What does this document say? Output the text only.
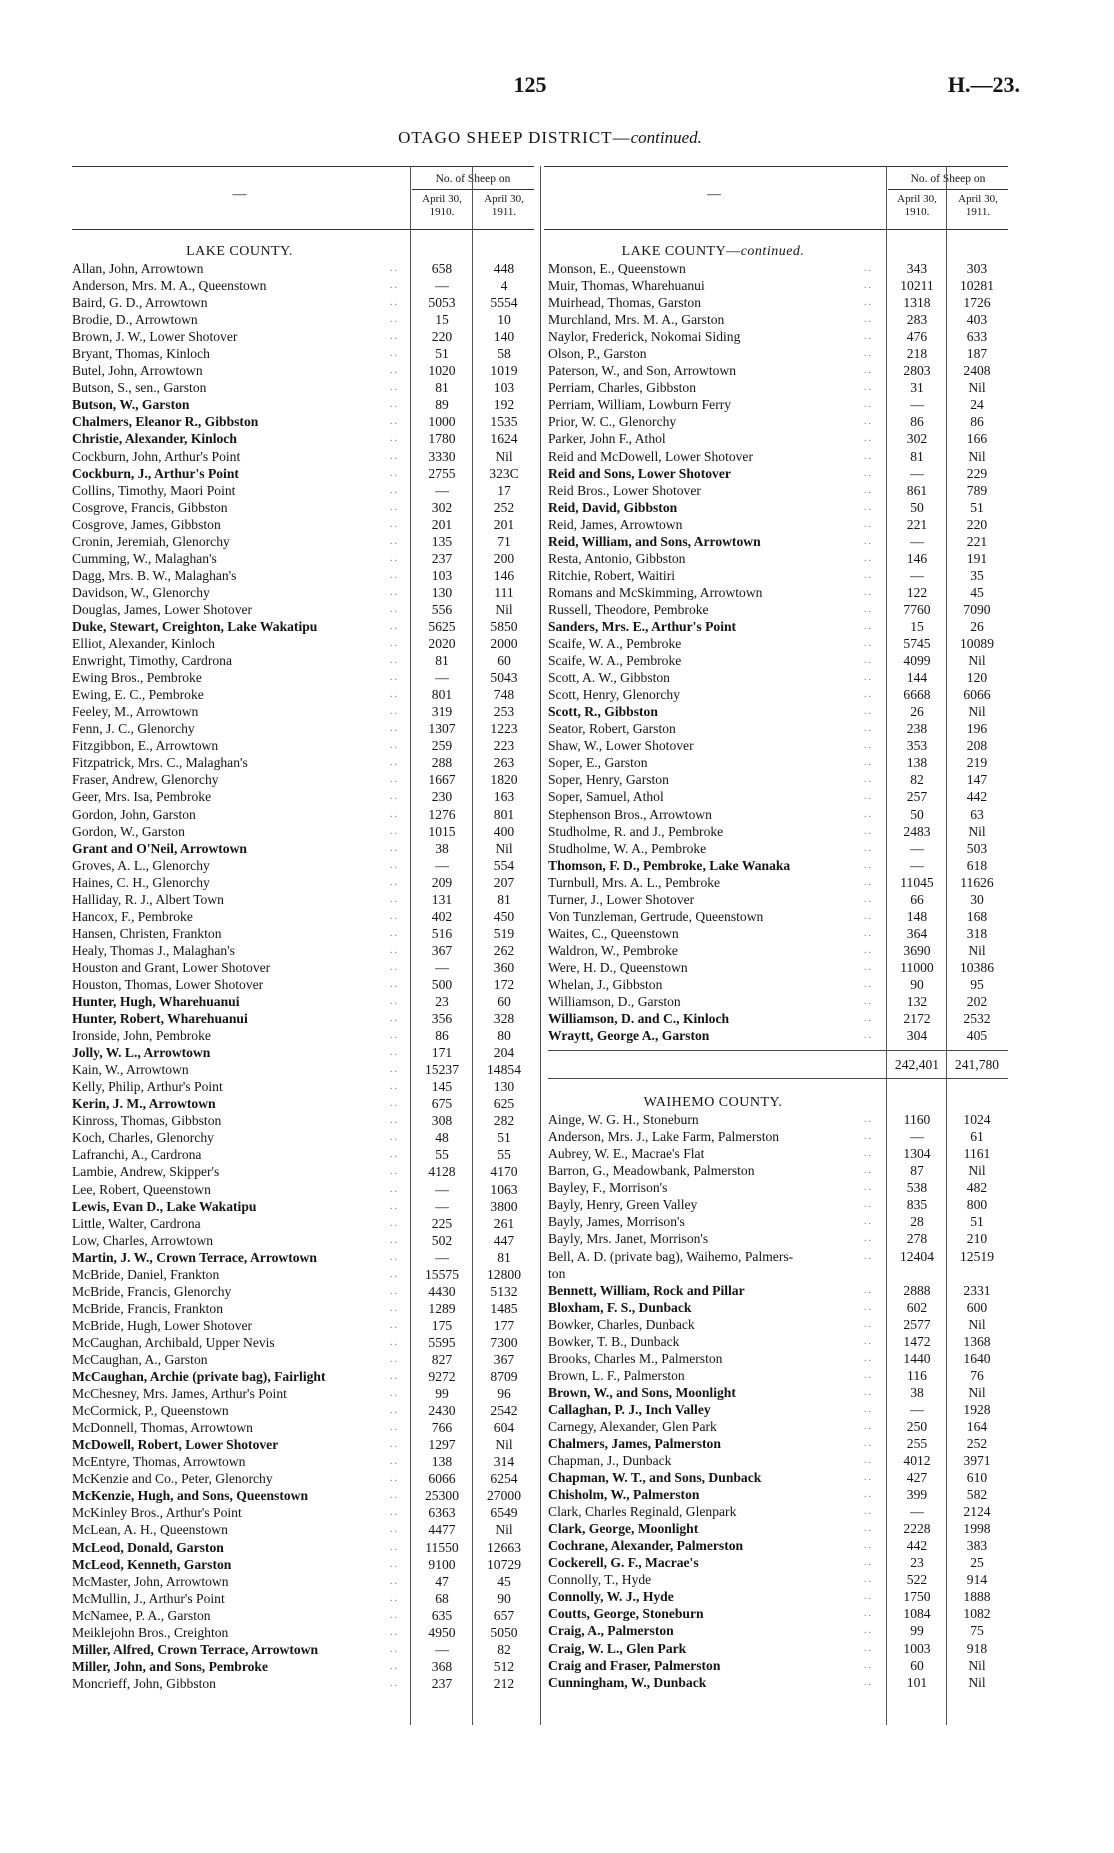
125	H.—23.
OTAGO SHEEP DISTRICT—continued.
—
No. of Sheep on
April 30, 1910.
April 30, 1911.
—
No. of Sheep on
April 30, 1910.
April 30, 1911.
LAKE COUNTY.
Allan, John, Arrowtown	..	658	448
Anderson, Mrs. M. A., Queenstown	..	—	4
Baird, G. D., Arrowtown	..	5053	5554
Brodie, D., Arrowtown	..	15	10
Brown, J. W., Lower Shotover	..	220	140
Bryant, Thomas, Kinloch	..	51	58
Butel, John, Arrowtown	..	1020	1019
Butson, S., sen., Garston	..	81	103
Butson, W., Garston	..	89	192
Chalmers, Eleanor R., Gibbston	..	1000	1535
Christie, Alexander, Kinloch	..	1780	1624
Cockburn, John, Arthur's Point	..	3330	Nil
Cockburn, J., Arthur's Point	..	2755	323C
Collins, Timothy, Maori Point	..	—	17
Cosgrove, Francis, Gibbston	..	302	252
Cosgrove, James, Gibbston	..	201	201
Cronin, Jeremiah, Glenorchy	..	135	71
Cumming, W., Malaghan's	..	237	200
Dagg, Mrs. B. W., Malaghan's	..	103	146
Davidson, W., Glenorchy	..	130	111
Douglas, James, Lower Shotover	..	556	Nil
Duke, Stewart, Creighton, Lake Wakatipu	..	5625	5850
Elliot, Alexander, Kinloch	..	2020	2000
Enwright, Timothy, Cardrona	..	81	60
Ewing Bros., Pembroke	..	—	5043
Ewing, E. C., Pembroke	..	801	748
Feeley, M., Arrowtown	..	319	253
Fenn, J. C., Glenorchy	..	1307	1223
Fitzgibbon, E., Arrowtown	..	259	223
Fitzpatrick, Mrs. C., Malaghan's	..	288	263
Fraser, Andrew, Glenorchy	..	1667	1820
Geer, Mrs. Isa, Pembroke	..	230	163
Gordon, John, Garston	..	1276	801
Gordon, W., Garston	..	1015	400
Grant and O'Neil, Arrowtown	..	38	Nil
Groves, A. L., Glenorchy	..	—	554
Haines, C. H., Glenorchy	..	209	207
Halliday, R. J., Albert Town	..	131	81
Hancox, F., Pembroke	..	402	450
Hansen, Christen, Frankton	..	516	519
Healy, Thomas J., Malaghan's	..	367	262
Houston and Grant, Lower Shotover	..	—	360
Houston, Thomas, Lower Shotover	..	500	172
Hunter, Hugh, Wharehuanui	..	23	60
Hunter, Robert, Wharehuanui	..	356	328
Ironside, John, Pembroke	..	86	80
Jolly, W. L., Arrowtown	..	171	204
Kain, W., Arrowtown	..	15237	14854
Kelly, Philip, Arthur's Point	..	145	130
Kerin, J. M., Arrowtown	..	675	625
Kinross, Thomas, Gibbston	..	308	282
Koch, Charles, Glenorchy	..	48	51
Lafranchi, A., Cardrona	..	55	55
Lambie, Andrew, Skipper's	..	4128	4170
Lee, Robert, Queenstown	..	—	1063
Lewis, Evan D., Lake Wakatipu	..	—	3800
Little, Walter, Cardrona	..	225	261
Low, Charles, Arrowtown	..	502	447
Martin, J. W., Crown Terrace, Arrowtown	..	—	81
McBride, Daniel, Frankton	..	15575	12800
McBride, Francis, Glenorchy	..	4430	5132
McBride, Francis, Frankton	..	1289	1485
McBride, Hugh, Lower Shotover	..	175	177
McCaughan, Archibald, Upper Nevis	..	5595	7300
McCaughan, A., Garston	..	827	367
McCaughan, Archie (private bag), Fairlight	..	9272	8709
McChesney, Mrs. James, Arthur's Point	..	99	96
McCormick, P., Queenstown	..	2430	2542
McDonnell, Thomas, Arrowtown	..	766	604
McDowell, Robert, Lower Shotover	..	1297	Nil
McEntyre, Thomas, Arrowtown	..	138	314
McKenzie and Co., Peter, Glenorchy	..	6066	6254
McKenzie, Hugh, and Sons, Queenstown	..	25300	27000
McKinley Bros., Arthur's Point	..	6363	6549
McLean, A. H., Queenstown	..	4477	Nil
McLeod, Donald, Garston	..	11550	12663
McLeod, Kenneth, Garston	..	9100	10729
McMaster, John, Arrowtown	..	47	45
McMullin, J., Arthur's Point	..	68	90
McNamee, P. A., Garston	..	635	657
Meiklejohn Bros., Creighton	..	4950	5050
Miller, Alfred, Crown Terrace, Arrowtown	..	—	82
Miller, John, and Sons, Pembroke	..	368	512
Moncrieff, John, Gibbston	..	237	212
LAKE COUNTY—continued.
Monson, E., Queenstown	..	343	303
Muir, Thomas, Wharehuanui	..	10211	10281
Muirhead, Thomas, Garston	..	1318	1726
Murchland, Mrs. M. A., Garston	..	283	403
Naylor, Frederick, Nokomai Siding	..	476	633
Olson, P., Garston	..	218	187
Paterson, W., and Son, Arrowtown	..	2803	2408
Perriam, Charles, Gibbston	..	31	Nil
Perriam, William, Lowburn Ferry	..	—	24
Prior, W. C., Glenorchy	..	86	86
Parker, John F., Athol	..	302	166
Reid and McDowell, Lower Shotover	..	81	Nil
Reid and Sons, Lower Shotover	..	—	229
Reid Bros., Lower Shotover	..	861	789
Reid, David, Gibbston	..	50	51
Reid, James, Arrowtown	..	221	220
Reid, William, and Sons, Arrowtown	..	—	221
Resta, Antonio, Gibbston	..	146	191
Ritchie, Robert, Waitiri	..	—	35
Romans and McSkimming, Arrowtown	..	122	45
Russell, Theodore, Pembroke	..	7760	7090
Sanders, Mrs. E., Arthur's Point	..	15	26
Scaife, W. A., Pembroke	..	5745	10089
Scaife, W. A., Pembroke	..	4099	Nil
Scott, A. W., Gibbston	..	144	120
Scott, Henry, Glenorchy	..	6668	6066
Scott, R., Gibbston	..	26	Nil
Seator, Robert, Garston	..	238	196
Shaw, W., Lower Shotover	..	353	208
Soper, E., Garston	..	138	219
Soper, Henry, Garston	..	82	147
Soper, Samuel, Athol	..	257	442
Stephenson Bros., Arrowtown	..	50	63
Studholme, R. and J., Pembroke	..	2483	Nil
Studholme, W. A., Pembroke	..	—	503
Thomson, F. D., Pembroke, Lake Wanaka	..	—	618
Turnbull, Mrs. A. L., Pembroke	..	11045	11626
Turner, J., Lower Shotover	..	66	30
Von Tunzleman, Gertrude, Queenstown	..	148	168
Waites, C., Queenstown	..	364	318
Waldron, W., Pembroke	..	3690	Nil
Were, H. D., Queenstown	..	11000	10386
Whelan, J., Gibbston	..	90	95
Williamson, D., Garston	..	132	202
Williamson, D. and C., Kinloch	..	2172	2532
Wraytt, George A., Garston	..	304	405
242,401	241,780
WAIHEMO COUNTY.
Ainge, W. G. H., Stoneburn	..	1160	1024
Anderson, Mrs. J., Lake Farm, Palmerston	..	—	61
Aubrey, W. E., Macrae's Flat	..	1304	1161
Barron, G., Meadowbank, Palmerston	..	87	Nil
Bayley, F., Morrison's	..	538	482
Bayly, Henry, Green Valley	..	835	800
Bayly, James, Morrison's	..	28	51
Bayly, Mrs. Janet, Morrison's	..	278	210
Bell, A. D. (private bag), Waihemo, Palmers-	..	12404	12519
ton
Bennett, William, Rock and Pillar	..	2888	2331
Bloxham, F. S., Dunback	..	602	600
Bowker, Charles, Dunback	..	2577	Nil
Bowker, T. B., Dunback	..	1472	1368
Brooks, Charles M., Palmerston	..	1440	1640
Brown, L. F., Palmerston	..	116	76
Brown, W., and Sons, Moonlight	..	38	Nil
Callaghan, P. J., Inch Valley	..	—	1928
Carnegy, Alexander, Glen Park	..	250	164
Chalmers, James, Palmerston	..	255	252
Chapman, J., Dunback	..	4012	3971
Chapman, W. T., and Sons, Dunback	..	427	610
Chisholm, W., Palmerston	..	399	582
Clark, Charles Reginald, Glenpark	..	—	2124
Clark, George, Moonlight	..	2228	1998
Cochrane, Alexander, Palmerston	..	442	383
Cockerell, G. F., Macrae's	..	23	25
Connolly, T., Hyde	..	522	914
Connolly, W. J., Hyde	..	1750	1888
Coutts, George, Stoneburn	..	1084	1082
Craig, A., Palmerston	..	99	75
Craig, W. L., Glen Park	..	1003	918
Craig and Fraser, Palmerston	..	60	Nil
Cunningham, W., Dunback	..	101	Nil
